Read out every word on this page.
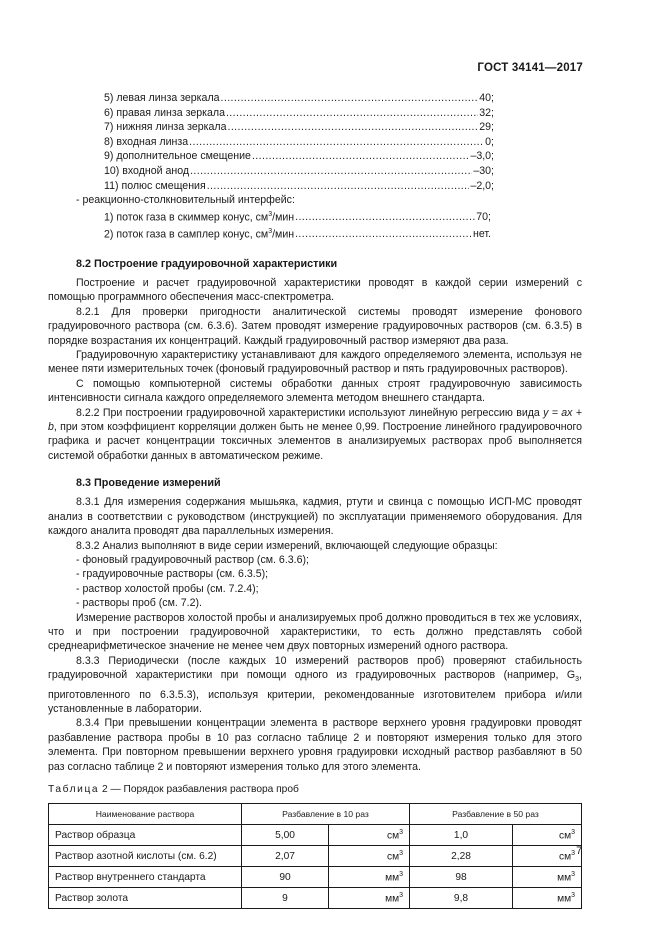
ГОСТ 34141—2017
5) левая линза зеркала .....	40;
6) правая линза зеркала .....	32;
7) нижняя линза зеркала .....	29;
8) входная линза .....	0;
9) дополнительное смещение .....	–3,0;
10) входной анод .....	–30;
11) полюс смещения .....	–2,0;
- реакционно-столкновительный интерфейс:
1) поток газа в скиммер конус, $см^3$/мин .....	70;
2) поток газа в самплер конус, $см^3$/мин .....	нет.
8.2 Построение градуировочной характеристики

Построение и расчет градуировочной характеристики проводят в каждой серии измерений с помощью программного обеспечения масс-спектрометра.

8.2.1 Для проверки пригодности аналитической системы проводят измерение фонового градуировочного раствора (см. 6.3.6). Затем проводят измерение градуировочных растворов (см. 6.3.5) в порядке возрастания их концентраций. Каждый градуировочный раствор измеряют два раза.

Градуировочную характеристику устанавливают для каждого определяемого элемента, используя не менее пяти измерительных точек (фоновый градуировочный раствор и пять градуировочных растворов).

С помощью компьютерной системы обработки данных строят градуировочную зависимость интенсивности сигнала каждого определяемого элемента методом внешнего стандарта.

8.2.2 При построении градуировочной характеристики используют линейную регрессию вида y = ax + b, при этом коэффициент корреляции должен быть не менее 0,99. Построение линейного градуировочного графика и расчет концентрации токсичных элементов в анализируемых растворах проб выполняется системой обработки данных в автоматическом режиме.

8.3 Проведение измерений

8.3.1 Для измерения содержания мышьяка, кадмия, ртути и свинца с помощью ИСП-МС проводят анализ в соответствии с руководством (инструкцией) по эксплуатации применяемого оборудования. Для каждого аналита проводят два параллельных измерения.

8.3.2 Анализ выполняют в виде серии измерений, включающей следующие образцы:

- фоновый градуировочный раствор (см. 6.3.6);
- градуировочные растворы (см. 6.3.5);
- раствор холостой пробы (см. 7.2.4);
- растворы проб (см. 7.2).

Измерение растворов холостой пробы и анализируемых проб должно проводиться в тех же условиях, что и при построении градуировочной характеристики, то есть должно представлять собой среднеарифметическое значение не менее чем двух повторных измерений одного раствора.

8.3.3 Периодически (после каждых 10 измерений растворов проб) проверяют стабильность градуировочной характеристики при помощи одного из градуировочных растворов (например, $G_3$, приготовленного по 6.3.5.3), используя критерии, рекомендованные изготовителем прибора и/или установленные в лаборатории.

8.3.4 При превышении концентрации элемента в растворе верхнего уровня градуировки проводят разбавление раствора пробы в 10 раз согласно таблице 2 и повторяют измерения только для этого элемента. При повторном превышении верхнего уровня градуировки исходный раствор разбавляют в 50 раз согласно таблице 2 и повторяют измерения только для этого элемента.

Таблица 2 — Порядок разбавления раствора проб
Наименование раствора	Разбавление в 10 раз		Разбавление в 50 раз	
Раствор образца	5,00	$см^3$	1,0	$см^3$
Раствор азотной кислоты (см. 6.2)	2,07	$см^3$	2,28	$см^3$
Раствор внутреннего стандарта	90	$мм^3$	98	$мм^3$
Раствор золота	9	$мм^3$	9,8	$мм^3$
7
